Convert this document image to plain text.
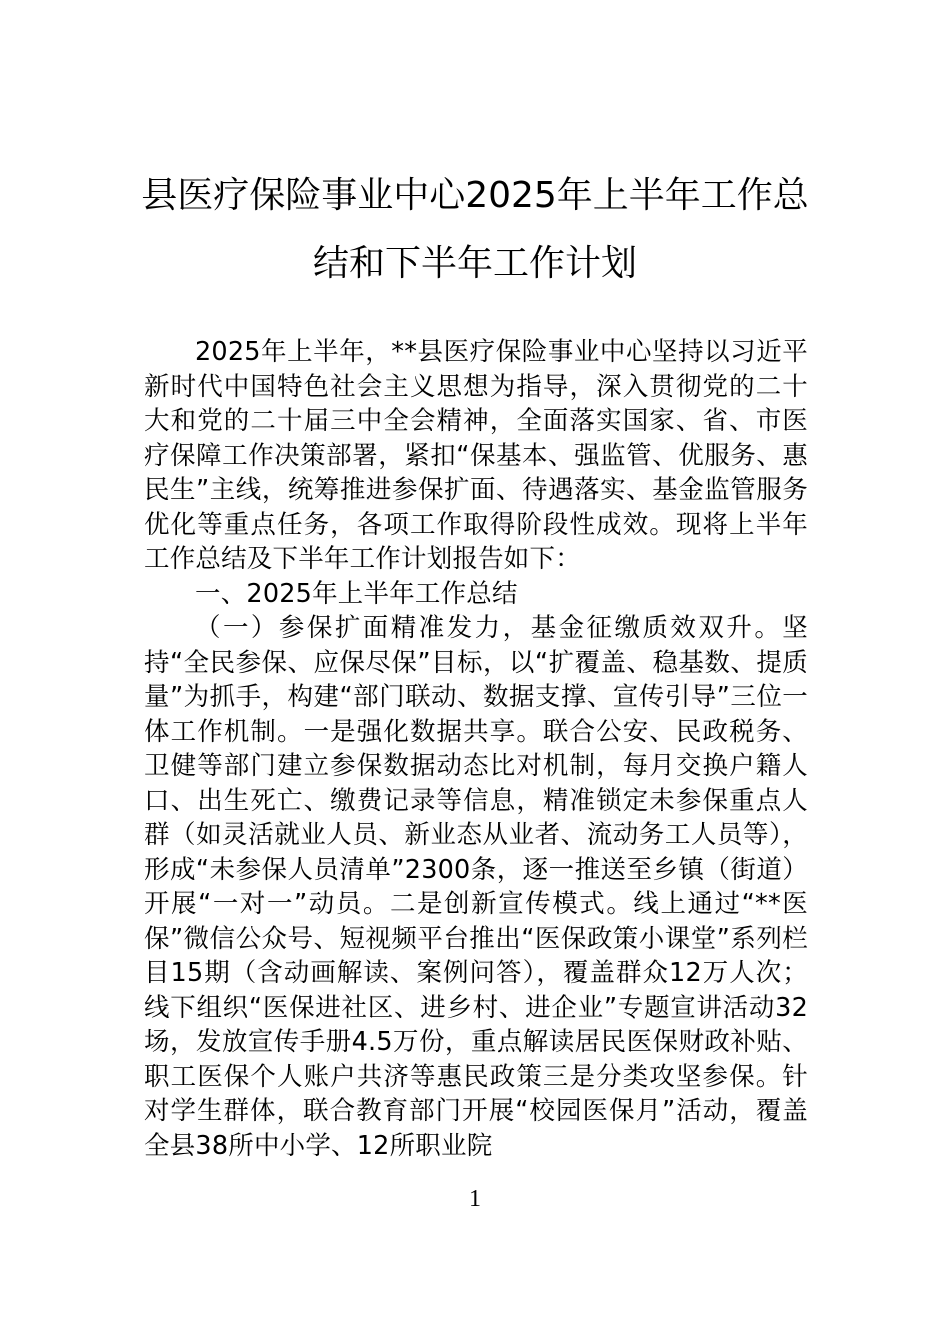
县医疗保险事业中心2025年上半年工作总结和下半年工作计划

2025年上半年，**县医疗保险事业中心坚持以习近平新时代中国特色社会主义思想为指导，深入贯彻党的二十大和党的二十届三中全会精神，全面落实国家、省、市医疗保障工作决策部署，紧扣“保基本、强监管、优服务、惠民生”主线，统筹推进参保扩面、待遇落实、基金监管服务优化等重点任务，各项工作取得阶段性成效。现将上半年工作总结及下半年工作计划报告如下：

一、2025年上半年工作总结

（一）参保扩面精准发力，基金征缴质效双升。坚持“全民参保、应保尽保”目标，以“扩覆盖、稳基数、提质量”为抓手，构建“部门联动、数据支撑、宣传引导”三位一体工作机制。一是强化数据共享。联合公安、民政税务、卫健等部门建立参保数据动态比对机制，每月交换户籍人口、出生死亡、缴费记录等信息，精准锁定未参保重点人群（如灵活就业人员、新业态从业者、流动务工人员等），形成“未参保人员清单”2300条，逐一推送至乡镇（街道）开展“一对一”动员。二是创新宣传模式。线上通过“**医保”微信公众号、短视频平台推出“医保政策小课堂”系列栏目15期（含动画解读、案例问答），覆盖群众12万人次；线下组织“医保进社区、进乡村、进企业”专题宣讲活动32场，发放宣传手册4.5万份，重点解读居民医保财政补贴、职工医保个人账户共济等惠民政策三是分类攻坚参保。针对学生群体，联合教育部门开展“校园医保月”活动，覆盖全县38所中小学、12所职业院

1
